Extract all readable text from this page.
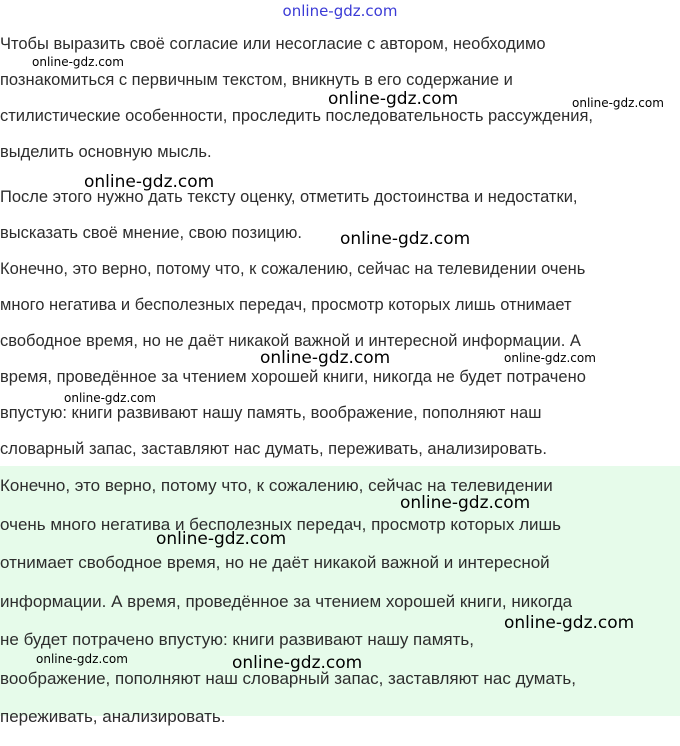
online-gdz.com
Чтобы выразить своё согласие или несогласие с автором, необходимо
познакомиться с первичным текстом, вникнуть в его содержание и
стилистические особенности, проследить последовательность рассуждения,
выделить основную мысль.
После этого нужно дать тексту оценку, отметить достоинства и недостатки,
высказать своё мнение, свою позицию.
Конечно, это верно, потому что, к сожалению, сейчас на телевидении очень
много негатива и бесполезных передач, просмотр которых лишь отнимает
свободное время, но не даёт никакой важной и интересной информации. А
время, проведённое за чтением хорошей книги, никогда не будет потрачено
впустую: книги развивают нашу память, воображение, пополняют наш
словарный запас, заставляют нас думать, переживать, анализировать.
Конечно, это верно, потому что, к сожалению, сейчас на телевидении
очень много негатива и бесполезных передач, просмотр которых лишь
отнимает свободное время, но не даёт никакой важной и интересной
информации. А время, проведённое за чтением хорошей книги, никогда
не будет потрачено впустую: книги развивают нашу память,
воображение, пополняют наш словарный запас, заставляют нас думать,
переживать, анализировать.
online-gdz.com
online-gdz.com	online-gdz.com
online-gdz.com
online-gdz.com
online-gdz.com	online-gdz.com
online-gdz.com
online-gdz.com
online-gdz.com
online-gdz.com
online-gdz.com	online-gdz.com
